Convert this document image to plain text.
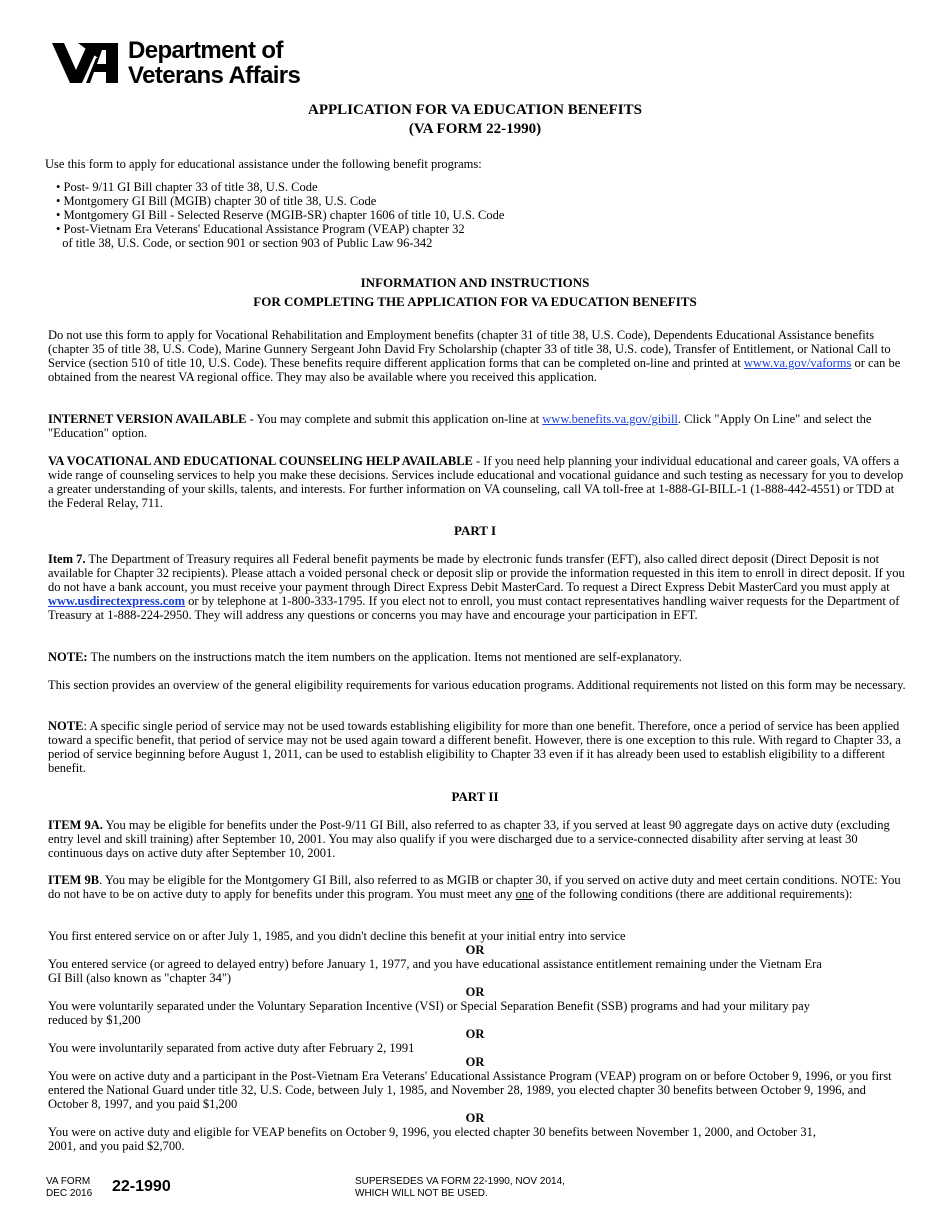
Department of
Veterans Affairs
APPLICATION FOR VA EDUCATION BENEFITS
(VA FORM 22-1990)
Use this form to apply for educational assistance under the following benefit programs:
• Post- 9/11 GI Bill chapter 33 of title 38, U.S. Code
• Montgomery GI Bill (MGIB) chapter 30 of title 38, U.S. Code
• Montgomery GI Bill - Selected Reserve (MGIB-SR) chapter 1606 of title 10, U.S. Code
• Post-Vietnam Era Veterans' Educational Assistance Program (VEAP) chapter 32
of title 38, U.S. Code, or section 901 or section 903 of Public Law 96-342
INFORMATION AND INSTRUCTIONS
FOR COMPLETING THE APPLICATION FOR VA EDUCATION BENEFITS
Do not use this form to apply for Vocational Rehabilitation and Employment benefits (chapter 31 of title 38, U.S. Code), Dependents Educational Assistance benefits (chapter 35 of title 38, U.S. Code), Marine Gunnery Sergeant John David Fry Scholarship (chapter 33 of title 38, U.S. code), Transfer of Entitlement, or National Call to Service (section 510 of title 10, U.S. Code). These benefits require different application forms that can be completed on-line and printed at www.va.gov/vaforms or can be obtained from the nearest VA regional office. They may also be available where you received this application.
INTERNET VERSION AVAILABLE - You may complete and submit this application on-line at www.benefits.va.gov/gibill. Click "Apply On Line" and select the "Education" option.
VA VOCATIONAL AND EDUCATIONAL COUNSELING HELP AVAILABLE - If you need help planning your individual educational and career goals, VA offers a wide range of counseling services to help you make these decisions. Services include educational and vocational guidance and such testing as necessary for you to develop a greater understanding of your skills, talents, and interests. For further information on VA counseling, call VA toll-free at 1-888-GI-BILL-1 (1-888-442-4551) or TDD at the Federal Relay, 711.
PART I
Item 7. The Department of Treasury requires all Federal benefit payments be made by electronic funds transfer (EFT), also called direct deposit (Direct Deposit is not available for Chapter 32 recipients). Please attach a voided personal check or deposit slip or provide the information requested in this item to enroll in direct deposit. If you do not have a bank account, you must receive your payment through Direct Express Debit MasterCard. To request a Direct Express Debit MasterCard you must apply at www.usdirectexpress.com or by telephone at 1-800-333-1795. If you elect not to enroll, you must contact representatives handling waiver requests for the Department of Treasury at 1-888-224-2950. They will address any questions or concerns you may have and encourage your participation in EFT.
NOTE: The numbers on the instructions match the item numbers on the application. Items not mentioned are self-explanatory.
This section provides an overview of the general eligibility requirements for various education programs. Additional requirements not listed on this form may be necessary.
NOTE: A specific single period of service may not be used towards establishing eligibility for more than one benefit. Therefore, once a period of service has been applied toward a specific benefit, that period of service may not be used again toward a different benefit. However, there is one exception to this rule. With regard to Chapter 33, a period of service beginning before August 1, 2011, can be used to establish eligibility to Chapter 33 even if it has already been used to establish eligibility to a different benefit.
PART II
ITEM 9A. You may be eligible for benefits under the Post-9/11 GI Bill, also referred to as chapter 33, if you served at least 90 aggregate days on active duty (excluding entry level and skill training) after September 10, 2001. You may also qualify if you were discharged due to a service-connected disability after serving at least 30 continuous days on active duty after September 10, 2001.
ITEM 9B. You may be eligible for the Montgomery GI Bill, also referred to as MGIB or chapter 30, if you served on active duty and meet certain conditions. NOTE: You do not have to be on active duty to apply for benefits under this program. You must meet any one of the following conditions (there are additional requirements):
You first entered service on or after July 1, 1985, and you didn't decline this benefit at your initial entry into service
OR
You entered service (or agreed to delayed entry) before January 1, 1977, and you have educational assistance entitlement remaining under the Vietnam Era GI Bill (also known as "chapter 34")
OR
You were voluntarily separated under the Voluntary Separation Incentive (VSI) or Special Separation Benefit (SSB) programs and had your military pay reduced by $1,200
OR
You were involuntarily separated from active duty after February 2, 1991
OR
You were on active duty and a participant in the Post-Vietnam Era Veterans' Educational Assistance Program (VEAP) program on or before October 9, 1996, or you first entered the National Guard under title 32, U.S. Code, between July 1, 1985, and November 28, 1989, you elected chapter 30 benefits between October 9, 1996, and October 8, 1997, and you paid $1,200
OR
You were on active duty and eligible for VEAP benefits on October 9, 1996, you elected chapter 30 benefits between November 1, 2000, and October 31, 2001, and you paid $2,700.
VA FORM
DEC 2016 22-1990	SUPERSEDES VA FORM 22-1990, NOV 2014,
WHICH WILL NOT BE USED.
